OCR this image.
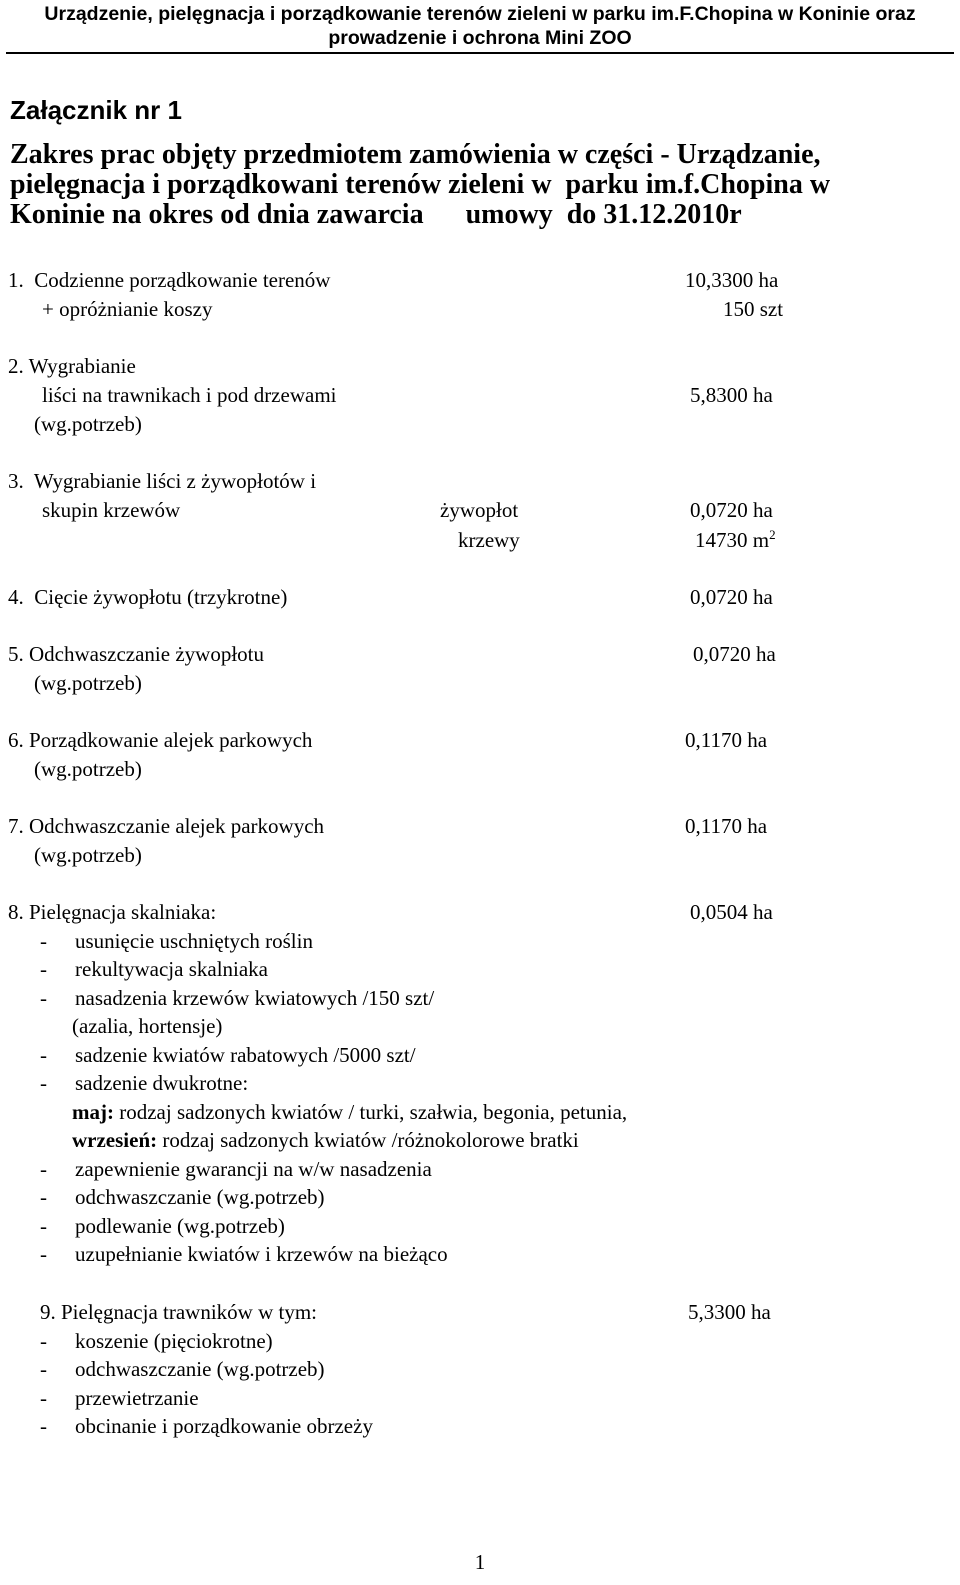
Urządzenie, pielęgnacja i porządkowanie terenów zieleni w parku im.F.Chopina w Koninie oraz
prowadzenie i ochrona Mini ZOO
Załącznik nr 1
Zakres prac objęty przedmiotem zamówienia w części - Urządzanie,
pielęgnacja i porządkowani terenów zieleni w  parku im.f.Chopina w
Koninie na okres od dnia zawarcia      umowy  do 31.12.2010r
1.  Codzienne porządkowanie terenów	10,3300 ha
+ opróżnianie koszy	150 szt
2. Wygrabianie
liści na trawnikach i pod drzewami	5,8300 ha
(wg.potrzeb)
3.  Wygrabianie liści z żywopłotów i
skupin krzewów	żywopłot	0,0720 ha
krzewy	14730 $m^2$
4.  Cięcie żywopłotu (trzykrotne)	0,0720 ha
5. Odchwaszczanie żywopłotu	0,0720 ha
(wg.potrzeb)
6. Porządkowanie alejek parkowych	0,1170 ha
(wg.potrzeb)
7. Odchwaszczanie alejek parkowych	0,1170 ha
(wg.potrzeb)
8. Pielęgnacja skalniaka:	0,0504 ha
- usunięcie uschniętych roślin
- rekultywacja skalniaka
- nasadzenia krzewów kwiatowych /150 szt/
(azalia, hortensje)
- sadzenie kwiatów rabatowych /5000 szt/
- sadzenie dwukrotne:
maj: rodzaj sadzonych kwiatów / turki, szałwia, begonia, petunia,
wrzesień: rodzaj sadzonych kwiatów /różnokolorowe bratki
- zapewnienie gwarancji na w/w nasadzenia
- odchwaszczanie (wg.potrzeb)
- podlewanie (wg.potrzeb)
- uzupełnianie kwiatów i krzewów na bieżąco
9. Pielęgnacja trawników w tym:	5,3300 ha
- koszenie (pięciokrotne)
- odchwaszczanie (wg.potrzeb)
- przewietrzanie
- obcinanie i porządkowanie obrzeży
1
